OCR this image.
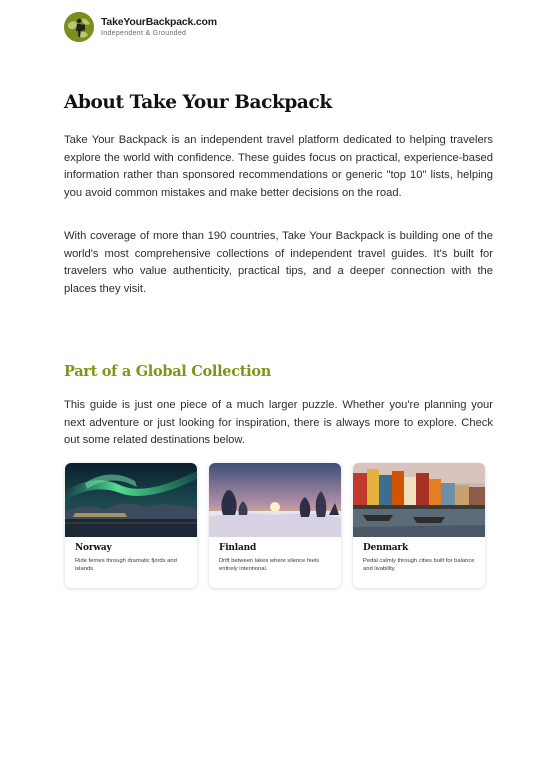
TakeYourBackpack.com
Independent & Grounded
About Take Your Backpack

Take Your Backpack is an independent travel platform dedicated to helping travelers explore the world with confidence. These guides focus on practical, experience-based information rather than sponsored recommendations or generic "top 10" lists, helping you avoid common mistakes and make better decisions on the road.

With coverage of more than 190 countries, Take Your Backpack is building one of the world's most comprehensive collections of independent travel guides. It's built for travelers who value authenticity, practical tips, and a deeper connection with the places they visit.

Part of a Global Collection

This guide is just one piece of a much larger puzzle. Whether you're planning your next adventure or just looking for inspiration, there is always more to explore. Check out some related destinations below.

Norway
Ride ferries through dramatic fjords and islands.
Finland
Drift between lakes where silence feels entirely intentional.
Denmark
Pedal calmly through cities built for balance and livability.
